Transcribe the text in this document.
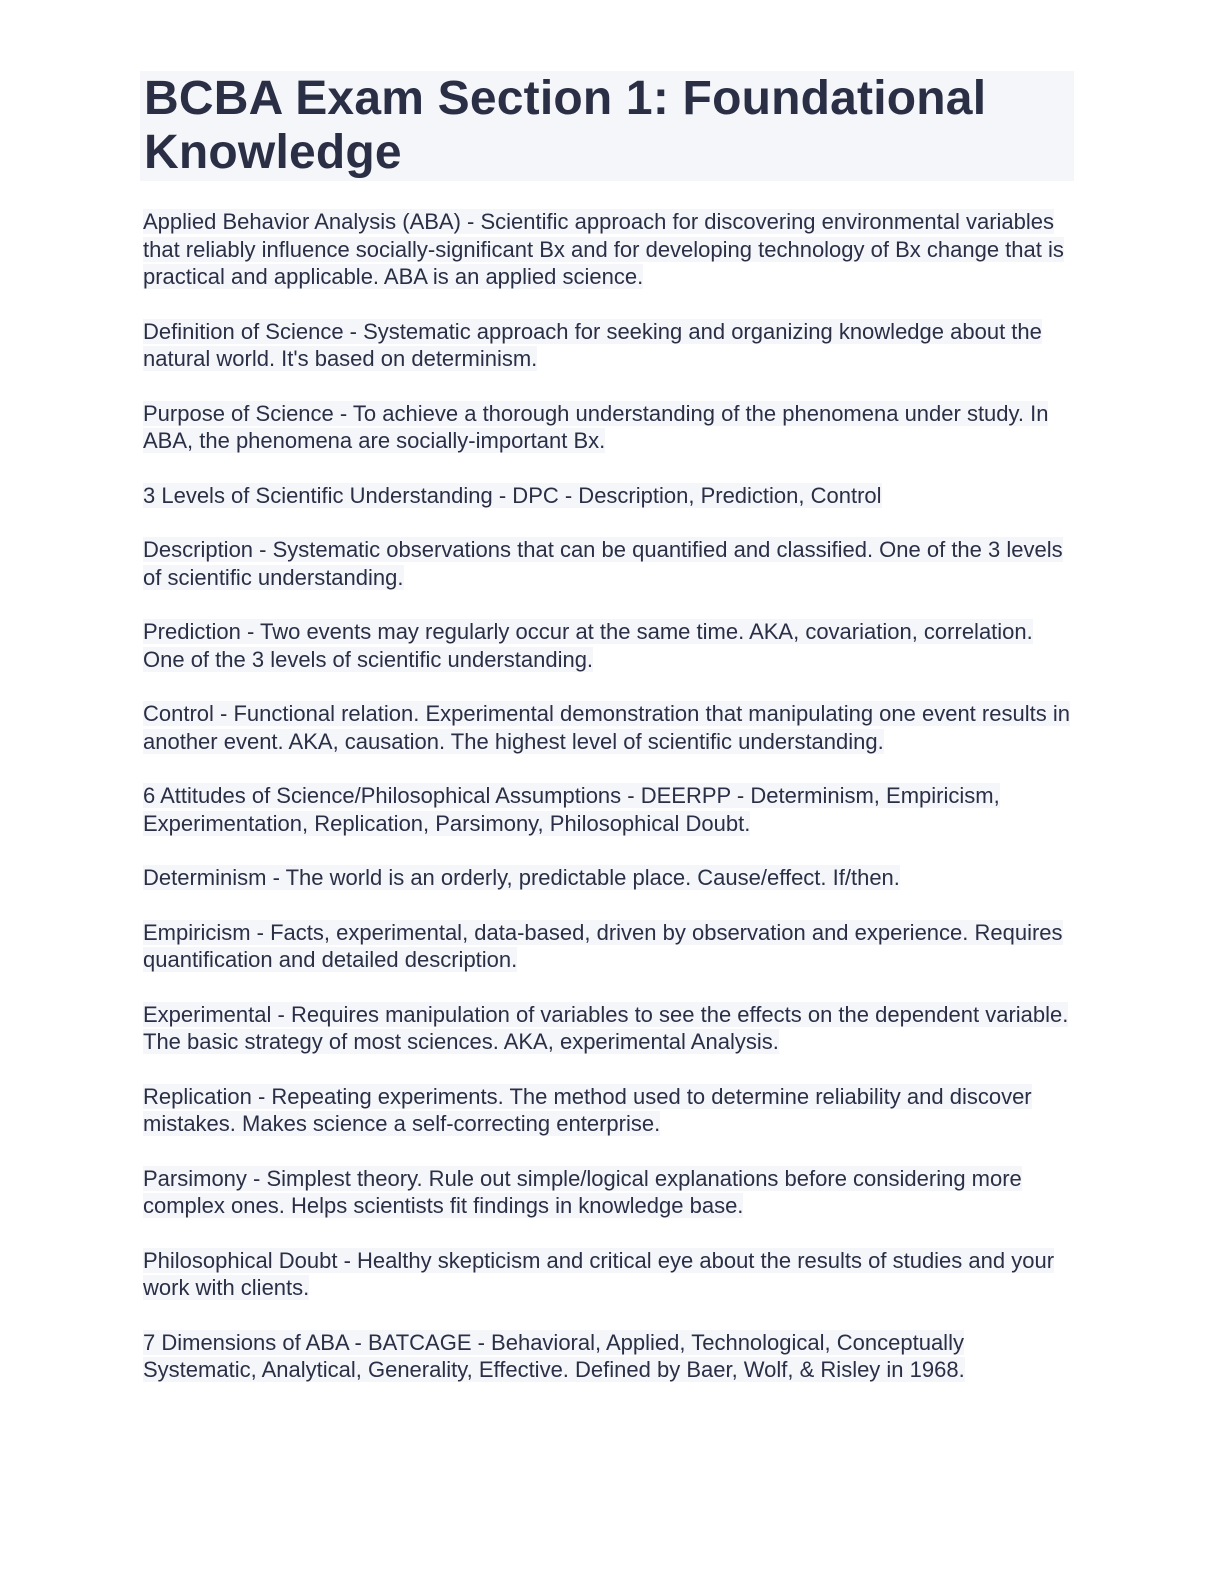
BCBA Exam Section 1: Foundational Knowledge

Applied Behavior Analysis (ABA) - Scientific approach for discovering environmental variables that reliably influence socially-significant Bx and for developing technology of Bx change that is practical and applicable. ABA is an applied science.

Definition of Science - Systematic approach for seeking and organizing knowledge about the natural world. It's based on determinism.

Purpose of Science - To achieve a thorough understanding of the phenomena under study. In ABA, the phenomena are socially-important Bx.

3 Levels of Scientific Understanding - DPC - Description, Prediction, Control

Description - Systematic observations that can be quantified and classified. One of the 3 levels of scientific understanding.

Prediction - Two events may regularly occur at the same time. AKA, covariation, correlation. One of the 3 levels of scientific understanding.

Control - Functional relation. Experimental demonstration that manipulating one event results in another event. AKA, causation. The highest level of scientific understanding.

6 Attitudes of Science/Philosophical Assumptions - DEERPP - Determinism, Empiricism, Experimentation, Replication, Parsimony, Philosophical Doubt.

Determinism - The world is an orderly, predictable place. Cause/effect. If/then.

Empiricism - Facts, experimental, data-based, driven by observation and experience. Requires quantification and detailed description.

Experimental - Requires manipulation of variables to see the effects on the dependent variable. The basic strategy of most sciences. AKA, experimental Analysis.

Replication - Repeating experiments. The method used to determine reliability and discover mistakes. Makes science a self-correcting enterprise.

Parsimony - Simplest theory. Rule out simple/logical explanations before considering more complex ones. Helps scientists fit findings in knowledge base.

Philosophical Doubt - Healthy skepticism and critical eye about the results of studies and your work with clients.

7 Dimensions of ABA - BATCAGE - Behavioral, Applied, Technological, Conceptually Systematic, Analytical, Generality, Effective. Defined by Baer, Wolf, & Risley in 1968.
